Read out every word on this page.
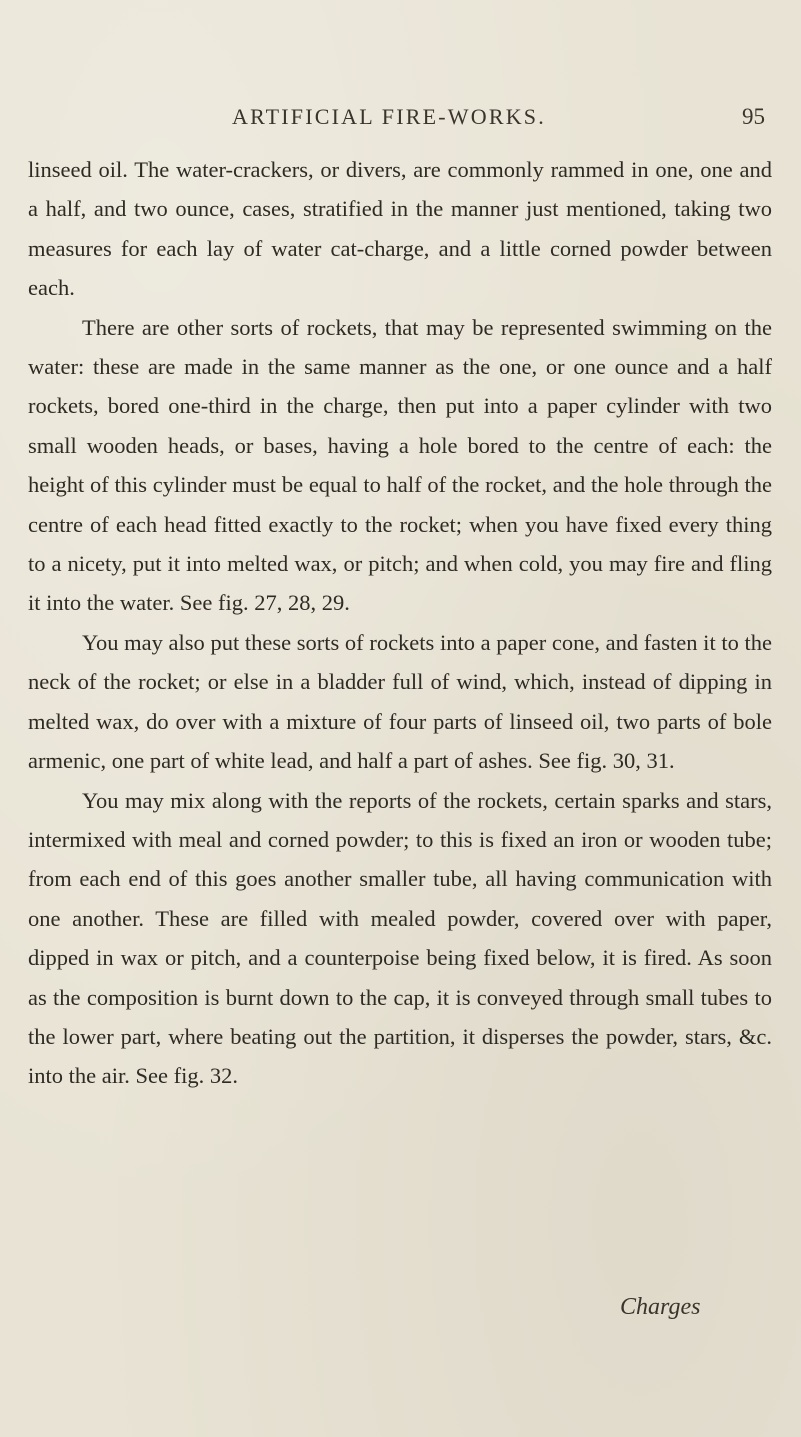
ARTIFICIAL FIRE-WORKS.	95

linseed oil. The water-crackers, or divers, are commonly rammed in one, one and a half, and two ounce, cases, stratified in the manner just mentioned, taking two measures for each lay of water cat-charge, and a little corned powder between each.

There are other sorts of rockets, that may be represented swimming on the water: these are made in the same manner as the one, or one ounce and a half rockets, bored one-third in the charge, then put into a paper cylinder with two small wooden heads, or bases, having a hole bored to the centre of each: the height of this cylinder must be equal to half of the rocket, and the hole through the centre of each head fitted exactly to the rocket; when you have fixed every thing to a nicety, put it into melted wax, or pitch; and when cold, you may fire and fling it into the water. See fig. 27, 28, 29.

You may also put these sorts of rockets into a paper cone, and fasten it to the neck of the rocket; or else in a bladder full of wind, which, instead of dipping in melted wax, do over with a mixture of four parts of linseed oil, two parts of bole armenic, one part of white lead, and half a part of ashes. See fig. 30, 31.

You may mix along with the reports of the rockets, certain sparks and stars, intermixed with meal and corned powder; to this is fixed an iron or wooden tube; from each end of this goes another smaller tube, all having communication with one another. These are filled with mealed powder, covered over with paper, dipped in wax or pitch, and a counterpoise being fixed below, it is fired. As soon as the composition is burnt down to the cap, it is conveyed through small tubes to the lower part, where beating out the partition, it disperses the powder, stars, &c. into the air. See fig. 32.

Charges
